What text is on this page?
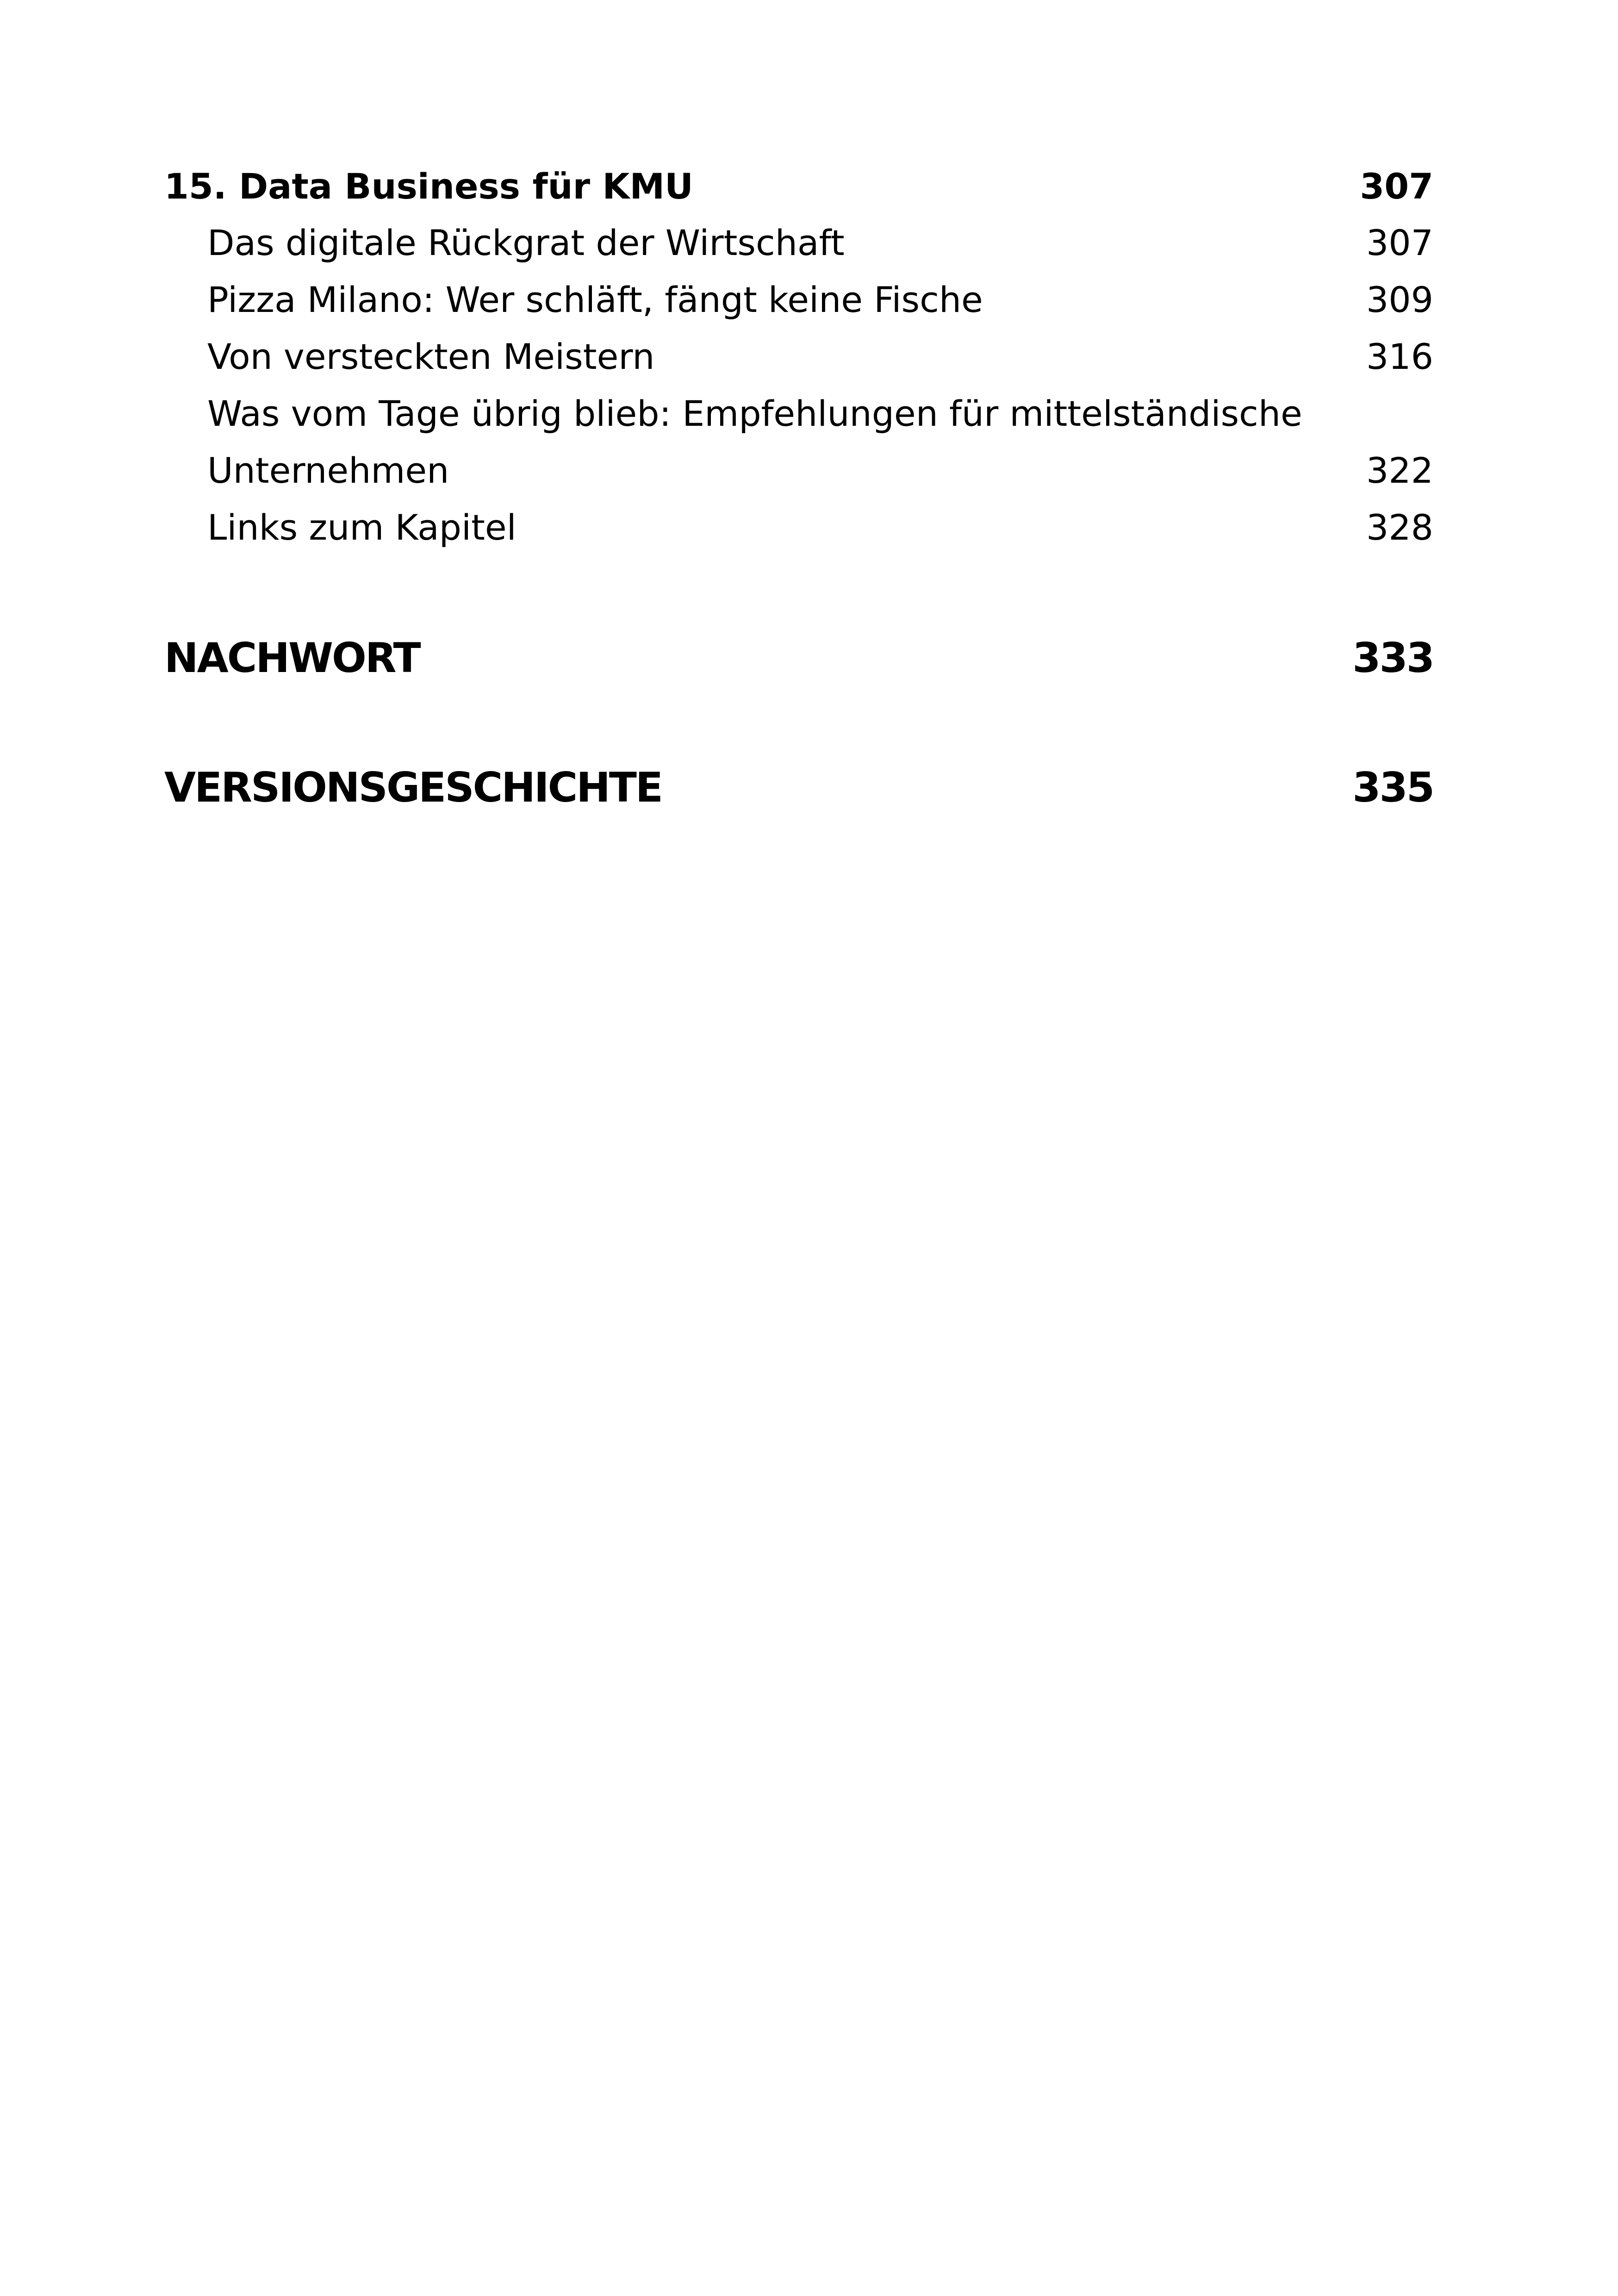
15. Data Business für KMU	307
Das digitale Rückgrat der Wirtschaft	307
Pizza Milano: Wer schläft, fängt keine Fische	309
Von versteckten Meistern	316
Was vom Tage übrig blieb: Empfehlungen für mittelständische
Unternehmen	322
Links zum Kapitel	328
NACHWORT	333
VERSIONSGESCHICHTE	335
